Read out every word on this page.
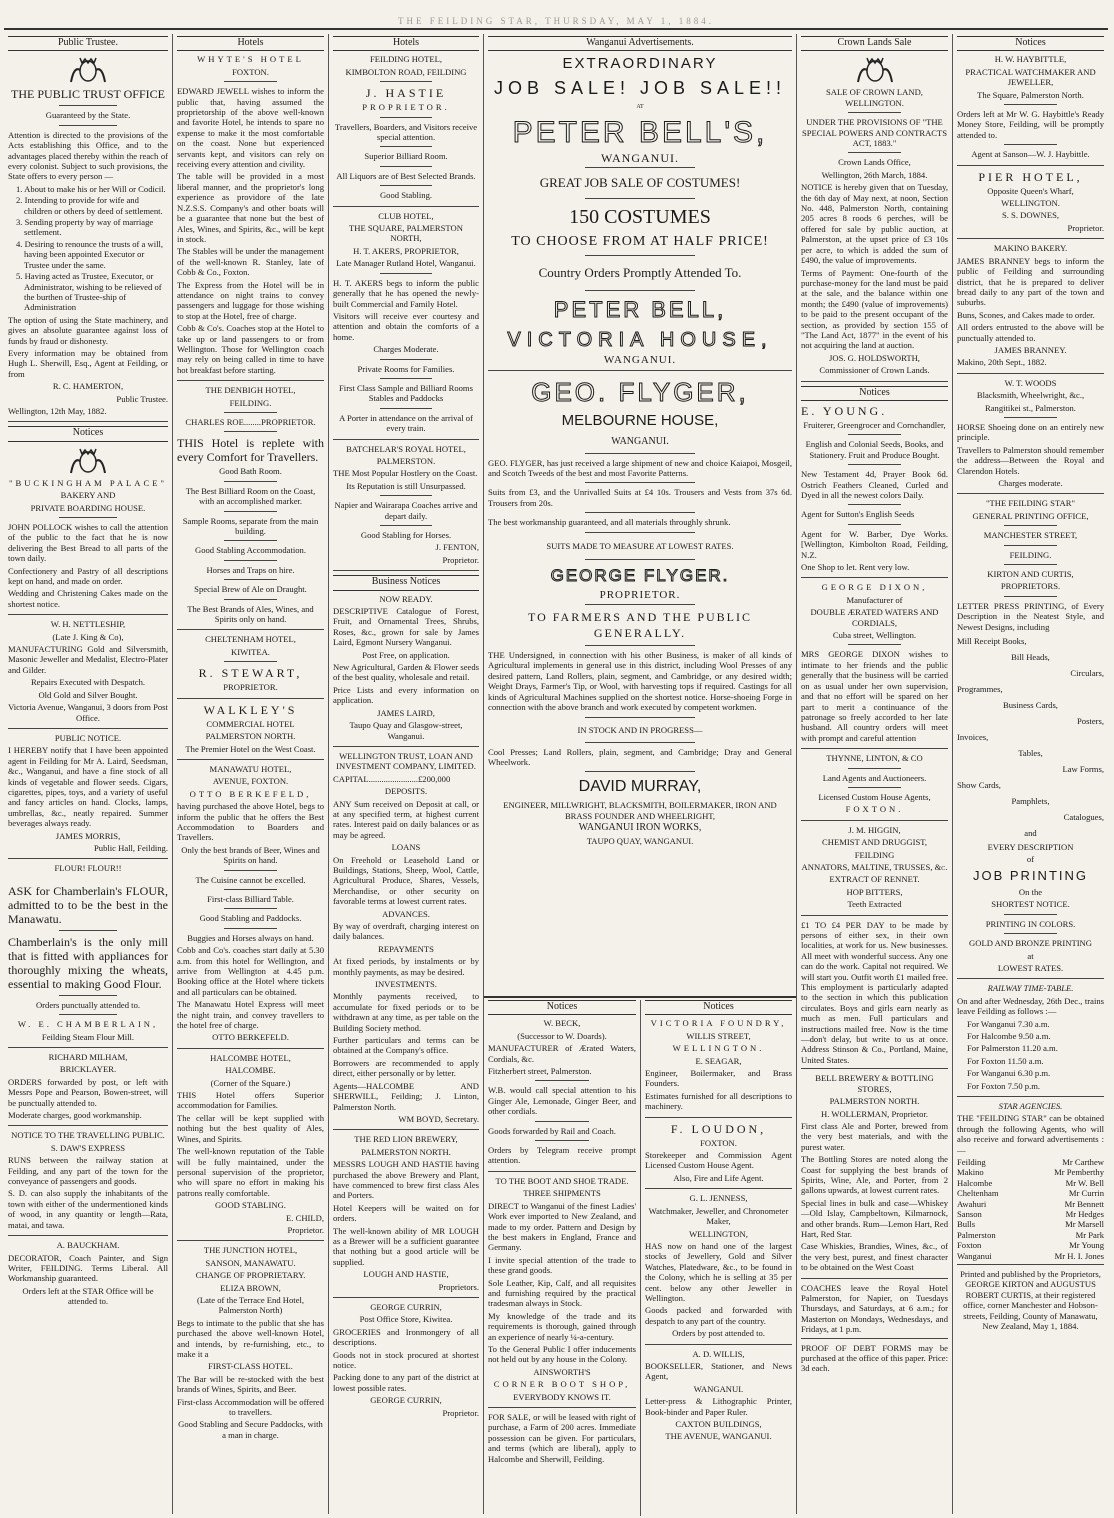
THE FEILDING STAR, THURSDAY, MAY 1, 1884.
Public Trustee.

THE PUBLIC TRUST OFFICE

Guaranteed by the State.

Attention is directed to the provisions of the Acts establishing this Office, and to the advantages placed thereby within the reach of every colonist. Subject to such provisions, the State offers to every person —

1. About to make his or her Will or Codicil.
2. Intending to provide for wife and children or others by deed of settlement.
3. Sending property by way of marriage settlement.
4. Desiring to renounce the trusts of a will, having been appointed Executor or Trustee under the same.
5. Having acted as Trustee, Executor, or Administrator, wishing to be relieved of the burthen of Trustee-ship of Administration

The option of using the State machinery, and gives an absolute guarantee against loss of funds by fraud or dishonesty.

Every information may be obtained from Hugh L. Sherwill, Esq., Agent at Feilding, or from

R. C. HAMERTON,

Public Trustee.

Wellington, 12th May, 1882.

Notices

"BUCKINGHAM PALACE"

BAKERY AND

PRIVATE BOARDING HOUSE.

JOHN POLLOCK wishes to call the attention of the public to the fact that he is now delivering the Best Bread to all parts of the town daily.

Confectionery and Pastry of all descriptions kept on hand, and made on order.

Wedding and Christening Cakes made on the shortest notice.

W. H. NETTLESHIP,

(Late J. King & Co),

MANUFACTURING Gold and Silversmith, Masonic Jeweller and Medalist, Electro-Plater and Gilder.

Repairs Executed with Despatch.

Old Gold and Silver Bought.

Victoria Avenue, Wanganui, 3 doors from Post Office.

PUBLIC NOTICE.

I HEREBY notify that I have been appointed agent in Feilding for Mr A. Laird, Seedsman, &c., Wanganui, and have a fine stock of all kinds of vegetable and flower seeds. Cigars, cigarettes, pipes, toys, and a variety of useful and fancy articles on hand. Clocks, lamps, umbrellas, &c., neatly repaired. Summer beverages always ready.

JAMES MORRIS,

Public Hall, Feilding.

FLOUR! FLOUR!!

ASK for Chamberlain's FLOUR, admitted to to be the best in the Manawatu.

Chamberlain's is the only mill that is fitted with appliances for thoroughly mixing the wheats, essential to making Good Flour.

Orders punctually attended to.

W. E. CHAMBERLAIN,

Feilding Steam Flour Mill.

RICHARD MILHAM,

BRICKLAYER.

ORDERS forwarded by post, or left with Messrs Pope and Pearson, Bowen-street, will be punctually attended to.

Moderate charges, good workmanship.

NOTICE TO THE TRAVELLING PUBLIC.

S. DAW'S EXPRESS

RUNS between the railway station at Feilding, and any part of the town for the conveyance of passengers and goods.

S. D. can also supply the inhabitants of the town with either of the undermentioned kinds of wood, in any quantity or length—Rata, matai, and tawa.

A. BAUCKHAM.

DECORATOR, Coach Painter, and Sign Writer, FEILDING. Terms Liberal. All Workmanship guaranteed.

Orders left at the STAR Office will be attended to.

Hotels

WHYTE'S HOTEL

FOXTON.

EDWARD JEWELL wishes to inform the public that, having assumed the proprietorship of the above well-known and favorite Hotel, he intends to spare no expense to make it the most comfortable on the coast. None but experienced servants kept, and visitors can rely on receiving every attention and civility.

The table will be provided in a most liberal manner, and the proprietor's long experience as providore of the late N.Z.S.S. Company's and other boats will be a guarantee that none but the best of Ales, Wines, and Spirits, &c., will be kept in stock.

The Stables will be under the management of the well-known R. Stanley, late of Cobb & Co., Foxton.

The Express from the Hotel will be in attendance on night trains to convey passengers and luggage for those wishing to stop at the Hotel, free of charge.

Cobb & Co's. Coaches stop at the Hotel to take up or land passengers to or from Wellington. Those for Wellington coach may rely on being called in time to have hot breakfast before starting.

THE DENBIGH HOTEL,

FEILDING.

CHARLES ROE........PROPRIETOR.

THIS Hotel is replete with every Comfort for Travellers.

Good Bath Room.

The Best Billiard Room on the Coast, with an accomplished marker.

Sample Rooms, separate from the main building.

Good Stabling Accommodation.

Horses and Traps on hire.

Special Brew of Ale on Draught.

The Best Brands of Ales, Wines, and Spirits only on hand.

CHELTENHAM HOTEL,

KIWITEA.

R. STEWART,

PROPRIETOR.

WALKLEY'S

COMMERCIAL HOTEL

PALMERSTON NORTH.

The Premier Hotel on the West Coast.

MANAWATU HOTEL,

AVENUE, FOXTON.

OTTO BERKEFELD,

having purchased the above Hotel, begs to inform the public that he offers the Best Accommodation to Boarders and Travellers.

Only the best brands of Beer, Wines and Spirits on hand.

The Cuisine cannot be excelled.

First-class Billiard Table.

Good Stabling and Paddocks.

Buggies and Horses always on hand.

Cobb and Co's. coaches start daily at 5.30 a.m. from this hotel for Wellington, and arrive from Wellington at 4.45 p.m. Booking office at the Hotel where tickets and all particulars can be obtained.

The Manawatu Hotel Express will meet the night train, and convey travellers to the hotel free of charge.

OTTO BERKEFELD.

HALCOMBE HOTEL,

HALCOMBE.

(Corner of the Square.)

THIS Hotel offers Superior accommodation for Families.

The cellar will be kept supplied with nothing but the best quality of Ales, Wines, and Spirits.

The well-known reputation of the Table will be fully maintained, under the personal supervision of the proprietor, who will spare no effort in making his patrons really comfortable.

GOOD STABLING.

E. CHILD,

Proprietor.

THE JUNCTION HOTEL,

SANSON, MANAWATU.

CHANGE OF PROPRIETARY.

ELIZA BROWN,

(Late of the Terrace End Hotel, Palmerston North)

Begs to intimate to the public that she has purchased the above well-known Hotel, and intends, by re-furnishing, etc., to make it a

FIRST-CLASS HOTEL.

The Bar will be re-stocked with the best brands of Wines, Spirits, and Beer.

First-class Accommodation will be offered to travellers.

Good Stabling and Secure Paddocks, with a man in charge.

Hotels

FEILDING HOTEL,

KIMBOLTON ROAD, FEILDING

J. HASTIE

PROPRIETOR.

Travellers, Boarders, and Visitors receive special attention.

Superior Billiard Room.

All Liquors are of Best Selected Brands.

Good Stabling.

CLUB HOTEL,

THE SQUARE, PALMERSTON NORTH,

H. T. AKERS, PROPRIETOR,

Late Manager Rutland Hotel, Wanganui.

H. T. AKERS begs to inform the public generally that he has opened the newly-built Commercial and Family Hotel.

Visitors will receive ever courtesy and attention and obtain the comforts of a home.

Charges Moderate.

Private Rooms for Families.

First Class Sample and Billiard Rooms Stables and Paddocks

A Porter in attendance on the arrival of every train.

BATCHELAR'S ROYAL HOTEL,

PALMERSTON.

THE Most Popular Hostlery on the Coast.

Its Reputation is still Unsurpassed.

Napier and Wairarapa Coaches arrive and depart daily.

Good Stabling for Horses.

J. FENTON,

Proprietor.

Business Notices

NOW READY.

DESCRIPTIVE Catalogue of Forest, Fruit, and Ornamental Trees, Shrubs, Roses, &c., grown for sale by James Laird, Egmont Nursery Wanganui.

Post Free, on application.

New Agricultural, Garden & Flower seeds of the best quality, wholesale and retail.

Price Lists and every information on application.

JAMES LAIRD,

Taupo Quay and Glasgow-street, Wanganui.

WELLINGTON TRUST, LOAN AND INVESTMENT COMPANY, LIMITED.

CAPITAL.......................£200,000

DEPOSITS.

ANY Sum received on Deposit at call, or at any specified term, at highest current rates. Interest paid on daily balances or as may be agreed.

LOANS

On Freehold or Leasehold Land or Buildings, Stations, Sheep, Wool, Cattle, Agricultural Produce, Shares, Vessels, Merchandise, or other security on favorable terms at lowest current rates.

ADVANCES.

By way of overdraft, charging interest on daily balances.

REPAYMENTS

At fixed periods, by instalments or by monthly payments, as may be desired.

INVESTMENTS.

Monthly payments received, to accumulate for fixed periods or to be withdrawn at any time, as per table on the Building Society method.

Further particulars and terms can be obtained at the Company's office.

Borrowers are recommended to apply direct, either personally or by letter.

Agents—HALCOMBE AND SHERWILL, Feilding; J. Linton, Palmerston North.

WM BOYD, Secretary.

THE RED LION BREWERY,

PALMERSTON NORTH.

MESSRS LOUGH AND HASTIE having purchased the above Brewery and Plant, have commenced to brew first class Ales and Porters.

Hotel Keepers will be waited on for orders.

The well-known ability of MR LOUGH as a Brewer will be a sufficient guarantee that nothing but a good article will be supplied.

LOUGH AND HASTIE,

Proprietors.

GEORGE CURRIN,

Post Office Store, Kiwitea.

GROCERIES and Ironmongery of all descriptions.

Goods not in stock procured at shortest notice.

Packing done to any part of the district at lowest possible rates.

GEORGE CURRIN,

Proprietor.

Wanganui Advertisements.

EXTRAORDINARY

JOB SALE! JOB SALE!!

AT

PETER BELL'S,

WANGANUI.

GREAT JOB SALE OF COSTUMES!

150 COSTUMES

TO CHOOSE FROM AT HALF PRICE!

Country Orders Promptly Attended To.

PETER BELL,

VICTORIA HOUSE,

WANGANUI.

GEO. FLYGER,

MELBOURNE HOUSE,

WANGANUI.

GEO. FLYGER, has just received a large shipment of new and choice Kaiapoi, Mosgeil, and Scotch Tweeds of the best and most Favorite Patterns.

Suits from £3, and the Unrivalled Suits at £4 10s. Trousers and Vests from 37s 6d. Trousers from 20s.

The best workmanship guaranteed, and all materials throughly shrunk.

SUITS MADE TO MEASURE AT LOWEST RATES.

GEORGE FLYGER.

PROPRIETOR.

TO FARMERS AND THE PUBLIC GENERALLY.

THE Undersigned, in connection with his other Business, is maker of all kinds of Agricultural implements in general use in this district, including Wool Presses of any desired pattern, Land Rollers, plain, segment, and Cambridge, or any desired width; Weight Drays, Farmer's Tip, or Wool, with harvesting tops if required. Castings for all kinds of Agricultural Machines supplied on the shortest notice. Horse-shoeing Forge in connection with the above branch and work executed by competent workmen.

IN STOCK AND IN PROGRESS—

Cool Presses; Land Rollers, plain, segment, and Cambridge; Dray and General Wheelwork.

DAVID MURRAY,

ENGINEER, MILLWRIGHT, BLACKSMITH, BOILERMAKER, IRON AND BRASS FOUNDER AND WHEELRIGHT,

WANGANUI IRON WORKS,

TAUPO QUAY, WANGANUI.

Notices

W. BECK,

(Successor to W. Doards).

MANUFACTURER of Ærated Waters, Cordials, &c.

Fitzherbert street, Palmerston.

W.B. would call special attention to his Ginger Ale, Lemonade, Ginger Beer, and other cordials.

Goods forwarded by Rail and Coach.

Orders by Telegram receive prompt attention.

TO THE BOOT AND SHOE TRADE.

THREE SHIPMENTS

DIRECT to Wanganui of the finest Ladies' Work ever imported to New Zealand, and made to my order. Pattern and Design by the best makers in England, France and Germany.

I invite special attention of the trade to these grand goods.

Sole Leather, Kip, Calf, and all requisites and furnishing required by the practical tradesman always in Stock.

My knowledge of the trade and its requirements is thorough, gained through an experience of nearly ¼-a-century.

To the General Public I offer inducements not held out by any house in the Colony.

AINSWORTH'S

CORNER BOOT SHOP,

EVERYBODY KNOWS IT.

FOR SALE, or will be leased with right of purchase, a Farm of 200 acres. Immediate possession can be given. For particulars, and terms (which are liberal), apply to Halcombe and Sherwill, Feilding.

Notices

VICTORIA FOUNDRY,

WILLIS STREET,

WELLINGTON.

E. SEAGAR,

Engineer, Boilermaker, and Brass Founders.

Estimates furnished for all descriptions to machinery.

F. LOUDON,

FOXTON.

Storekeeper and Commission Agent Licensed Custom House Agent.

Also, Fire and Life Agent.

G. L. JENNESS,

Watchmaker, Jeweller, and Chronometer Maker,

WELLINGTON,

HAS now on hand one of the largest stocks of Jewellery, Gold and Silver Watches, Platedware, &c., to be found in the Colony, which he is selling at 35 per cent. below any other Jeweller in Wellington.

Goods packed and forwarded with despatch to any part of the country.

Orders by post attended to.

A. D. WILLIS,

BOOKSELLER, Stationer, and News Agent,

WANGANUI.

Letter-press & Lithographic Printer, Book-binder and Paper Ruler.

CAXTON BUILDINGS,

THE AVENUE, WANGANUI.

Crown Lands Sale

SALE OF CROWN LAND, WELLINGTON.

UNDER THE PROVISIONS OF "THE SPECIAL POWERS AND CONTRACTS ACT, 1883."

Crown Lands Office,

Wellington, 26th March, 1884.

NOTICE is hereby given that on Tuesday, the 6th day of May next, at noon, Section No. 448, Palmerston North, containing 205 acres 8 roods 6 perches, will be offered for sale by public auction, at Palmerston, at the upset price of £3 10s per acre, to which is added the sum of £490, the value of improvements.

Terms of Payment: One-fourth of the purchase-money for the land must be paid at the sale, and the balance within one month; the £490 (value of improvements) to be paid to the present occupant of the section, as provided by section 155 of "The Land Act, 1877" in the event of his not acquiring the land at auction.

JOS. G. HOLDSWORTH,

Commissioner of Crown Lands.

Notices

E. YOUNG.

Fruiterer, Greengrocer and Cornchandler,

English and Colonial Seeds, Books, and Stationery. Fruit and Produce Bought.

New Testament 4d, Prayer Book 6d. Ostrich Feathers Cleaned, Curled and Dyed in all the newest colors Daily.

Agent for Sutton's English Seeds

Agent for W. Barber, Dye Works. [Wellington, Kimbolton Road, Feilding, N.Z.

One Shop to let. Rent very low.

GEORGE DIXON,

Manufacturer of

DOUBLE ÆRATED WATERS AND CORDIALS,

Cuba street, Wellington.

MRS GEORGE DIXON wishes to intimate to her friends and the public generally that the business will be carried on as usual under her own supervision, and that no effort will be spared on her part to merit a continuance of the patronage so freely accorded to her late husband. All country orders will meet with prompt and careful attention

THYNNE, LINTON, & CO

Land Agents and Auctioneers.

Licensed Custom House Agents,

FOXTON.

J. M. HIGGIN,

CHEMIST AND DRUGGIST,

FEILDING

ANNATORS, MALTINE, TRUSSES, &c.

EXTRACT OF RENNET.

HOP BITTERS,

Teeth Extracted

£1 TO £4 PER DAY to be made by persons of either sex, in their own localities, at work for us. New businesses. All meet with wonderful success. Any one can do the work. Capital not required. We will start you. Outfit worth £1 mailed free. This employment is particularly adapted to the section in which this publication circulates. Boys and girls earn nearly as much as men. Full particulars and instructions mailed free. Now is the time—don't delay, but write to us at once. Address Stinson & Co., Portland, Maine, United States.

BELL BREWERY & BOTTLING STORES,

PALMERSTON NORTH.

H. WOLLERMAN, Proprietor.

First class Ale and Porter, brewed from the very best materials, and with the purest water.

The Bottling Stores are noted along the Coast for supplying the best brands of Spirits, Wine, Ale, and Porter, from 2 gallons upwards, at lowest current rates.

Special lines in bulk and case—Whiskey—Old Islay, Campbeltown, Kilmarnock, and other brands. Rum—Lemon Hart, Red Hart, Red Star.

Case Whiskies, Brandies, Wines, &c., of the very best, purest, and finest character to be obtained on the West Coast

COACHES leave the Royal Hotel Palmerston, for Napier, on Tuesdays Thursdays, and Saturdays, at 6 a.m.; for Masterton on Mondays, Wednesdays, and Fridays, at 1 p.m.

PROOF OF DEBT FORMS may be purchased at the office of this paper. Price: 3d each.

Notices

H. W. HAYBITTLE,

PRACTICAL WATCHMAKER AND JEWELLER,

The Square, Palmerston North.

Orders left at Mr W. G. Haybittle's Ready Money Store, Feilding, will be promptly attended to.

Agent at Sanson—W. J. Haybittle.

PIER HOTEL,

Opposite Queen's Wharf,

WELLINGTON.

S. S. DOWNES,

Proprietor.

MAKINO BAKERY.

JAMES BRANNEY begs to inform the public of Feilding and surrounding district, that he is prepared to deliver bread daily to any part of the town and suburbs.

Buns, Scones, and Cakes made to order.

All orders entrusted to the above will be punctually attended to.

JAMES BRANNEY.

Makino, 20th Sept., 1882.

W. T. WOODS

Blacksmith, Wheelwright, &c.,

Rangitikei st., Palmerston.

HORSE Shoeing done on an entirely new principle.

Travellers to Palmerston should remember the address—Between the Royal and Clarendon Hotels.

Charges moderate.

"THE FEILDING STAR"

GENERAL PRINTING OFFICE,

MANCHESTER STREET,

FEILDING.

KIRTON AND CURTIS,

PROPRIETORS.

LETTER PRESS PRINTING, of Every Description in the Neatest Style, and Newest Designs, including

Mill Receipt Books,

Bill Heads,

Circulars,

Programmes,

Business Cards,

Posters,

Invoices,

Tables,

Law Forms,

Show Cards,

Pamphlets,

Catalogues,

and

EVERY DESCRIPTION

of

JOB PRINTING

On the

SHORTEST NOTICE.

PRINTING IN COLORS.

GOLD AND BRONZE PRINTING

at

LOWEST RATES.

RAILWAY TIME-TABLE.

On and after Wednesday, 26th Dec., trains leave Feilding as follows :—

For Wanganui 7.30 a.m.

For Halcombe 9.50 a.m.

For Palmerston 11.20 a.m.

For Foxton 11.50 a.m.

For Wanganui 6.30 p.m.

For Foxton 7.50 p.m.

STAR AGENCIES.

THE "FEILDING STAR" can be obtained through the following Agents, who will also receive and forward advertisements :—

Feilding	Mr Carthew
Makino	Mr Pemberthy
Halcombe	Mr W. Bell
Cheltenham	Mr Currin
Awahuri	Mr Bennett
Sanson	Mr Hedges
Bulls	Mr Marsell
Palmerston	Mr Park
Foxton	Mr Young
Wanganui	Mr H. I. Jones

Printed and published by the Proprietors, GEORGE KIRTON and AUGUSTUS ROBERT CURTIS, at their registered office, corner Manchester and Hobson-streets, Feilding, County of Manawatu, New Zealand, May 1, 1884.
